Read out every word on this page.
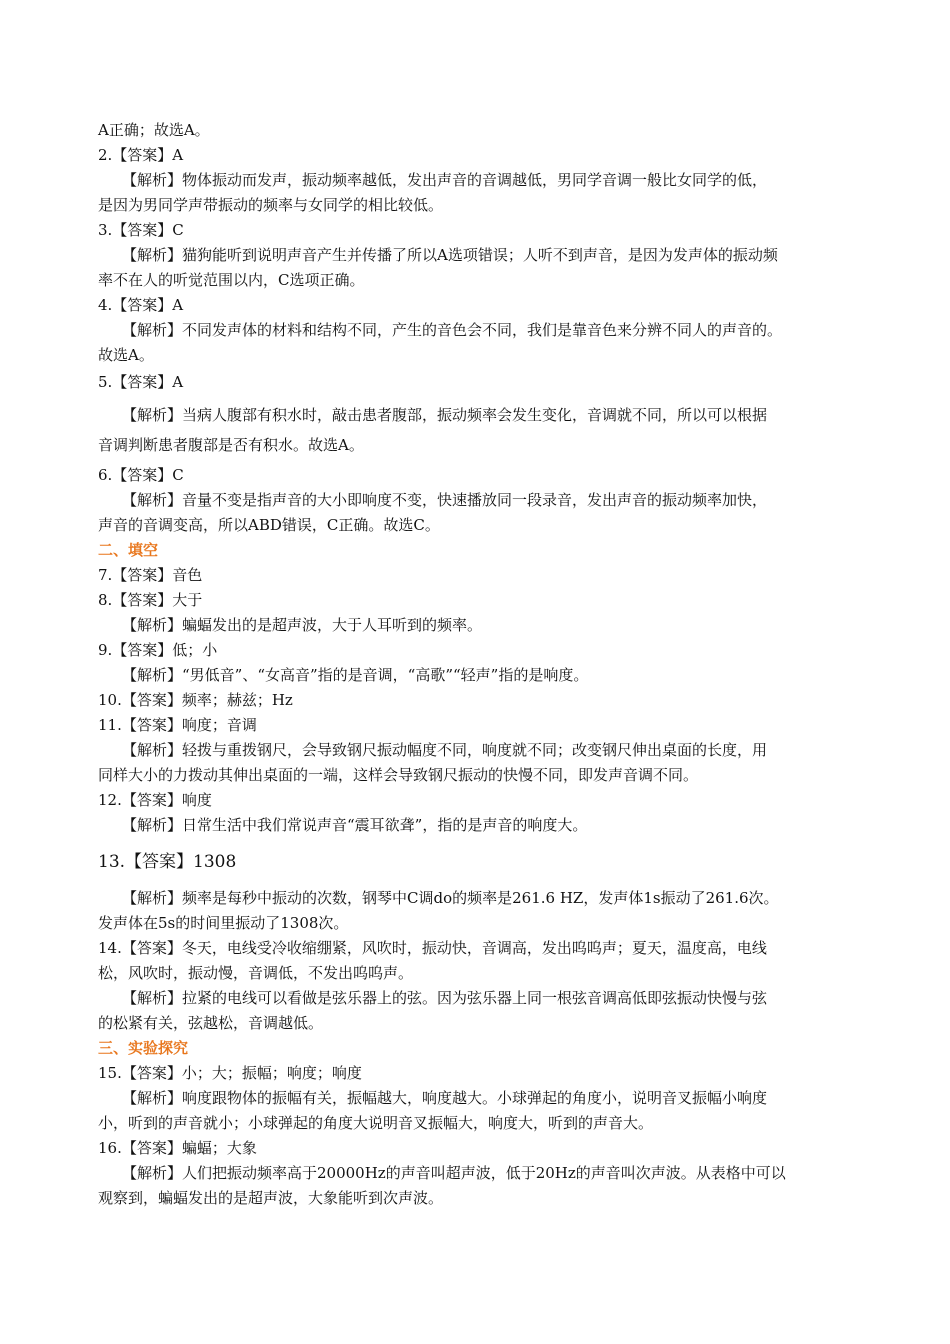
A正确；故选A。
2.【答案】A
【解析】物体振动而发声，振动频率越低，发出声音的音调越低，男同学音调一般比女同学的低，
是因为男同学声带振动的频率与女同学的相比较低。
3.【答案】C
【解析】猫狗能听到说明声音产生并传播了所以A选项错误；人听不到声音，是因为发声体的振动频
率不在人的听觉范围以内，C选项正确。
4.【答案】A
【解析】不同发声体的材料和结构不同，产生的音色会不同，我们是靠音色来分辨不同人的声音的。
故选A。
5.【答案】A
【解析】当病人腹部有积水时，敲击患者腹部，振动频率会发生变化，音调就不同，所以可以根据
音调判断患者腹部是否有积水。故选A。
6.【答案】C
【解析】音量不变是指声音的大小即响度不变，快速播放同一段录音，发出声音的振动频率加快，
声音的音调变高，所以ABD错误，C正确。故选C。
二、填空
7.【答案】音色
8.【答案】大于
【解析】蝙蝠发出的是超声波，大于人耳听到的频率。
9.【答案】低；小
【解析】“男低音”、“女高音”指的是音调，“高歌”“轻声”指的是响度。
10.【答案】频率；赫兹；Hz
11.【答案】响度；音调
【解析】轻拨与重拨钢尺，会导致钢尺振动幅度不同，响度就不同；改变钢尺伸出桌面的长度，用
同样大小的力拨动其伸出桌面的一端，这样会导致钢尺振动的快慢不同，即发声音调不同。
12.【答案】响度
【解析】日常生活中我们常说声音“震耳欲聋”，指的是声音的响度大。
13.【答案】1308
【解析】频率是每秒中振动的次数，钢琴中C调do的频率是261.6 HZ，发声体1s振动了261.6次。
发声体在5s的时间里振动了1308次。
14.【答案】冬天，电线受冷收缩绷紧，风吹时，振动快，音调高，发出呜呜声；夏天，温度高，电线
松，风吹时，振动慢，音调低，不发出呜呜声。
【解析】拉紧的电线可以看做是弦乐器上的弦。因为弦乐器上同一根弦音调高低即弦振动快慢与弦
的松紧有关，弦越松，音调越低。
三、实验探究
15.【答案】小；大；振幅；响度；响度
【解析】响度跟物体的振幅有关，振幅越大，响度越大。小球弹起的角度小，说明音叉振幅小响度
小，听到的声音就小；小球弹起的角度大说明音叉振幅大，响度大，听到的声音大。
16.【答案】蝙蝠；大象
【解析】人们把振动频率高于20000Hz的声音叫超声波，低于20Hz的声音叫次声波。从表格中可以
观察到，蝙蝠发出的是超声波，大象能听到次声波。
